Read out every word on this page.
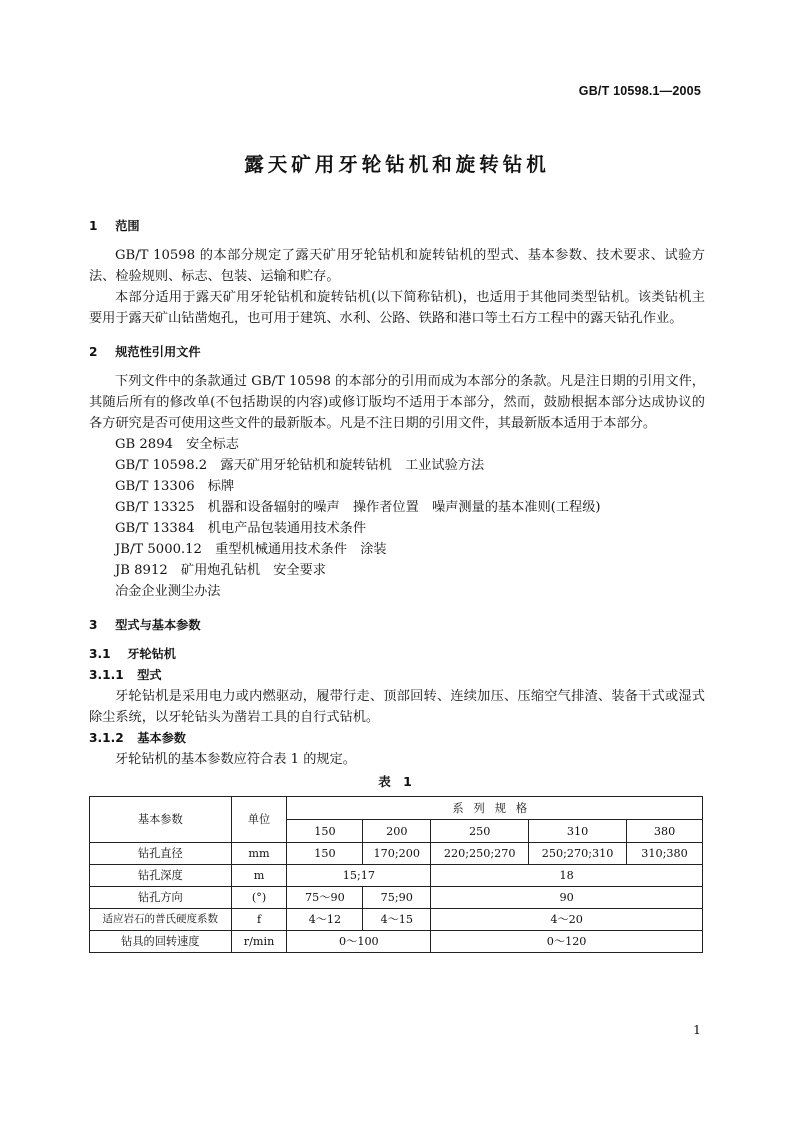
GB/T 10598.1—2005
露天矿用牙轮钻机和旋转钻机

1 范围

GB/T 10598 的本部分规定了露天矿用牙轮钻机和旋转钻机的型式、基本参数、技术要求、试验方法、检验规则、标志、包装、运输和贮存。

本部分适用于露天矿用牙轮钻机和旋转钻机(以下简称钻机)，也适用于其他同类型钻机。该类钻机主要用于露天矿山钻凿炮孔，也可用于建筑、水利、公路、铁路和港口等土石方工程中的露天钻孔作业。

2 规范性引用文件

下列文件中的条款通过 GB/T 10598 的本部分的引用而成为本部分的条款。凡是注日期的引用文件，其随后所有的修改单(不包括勘误的内容)或修订版均不适用于本部分，然而，鼓励根据本部分达成协议的各方研究是否可使用这些文件的最新版本。凡是不注日期的引用文件，其最新版本适用于本部分。

GB 2894　安全标志

GB/T 10598.2　露天矿用牙轮钻机和旋转钻机　工业试验方法

GB/T 13306　标牌

GB/T 13325　机器和设备辐射的噪声　操作者位置　噪声测量的基本准则(工程级)

GB/T 13384　机电产品包装通用技术条件

JB/T 5000.12　重型机械通用技术条件　涂装

JB 8912　矿用炮孔钻机　安全要求

冶金企业测尘办法

3 型式与基本参数

3.1 牙轮钻机

3.1.1 型式

牙轮钻机是采用电力或内燃驱动，履带行走、顶部回转、连续加压、压缩空气排渣、装备干式或湿式除尘系统，以牙轮钻头为凿岩工具的自行式钻机。

3.1.2 基本参数

牙轮钻机的基本参数应符合表 1 的规定。

表 1
基本参数	单位	系列规格				
		150	200	250	310	380
钻孔直径	mm	150	170;200	220;250;270	250;270;310	310;380
钻孔深度	m	15;17		18		
钻孔方向	(°)	75～90	75;90	90		
适应岩石的普氏硬度系数	f	4～12	4～15	4～20		
钻具的回转速度	r/min	0～100		0～120		
1
